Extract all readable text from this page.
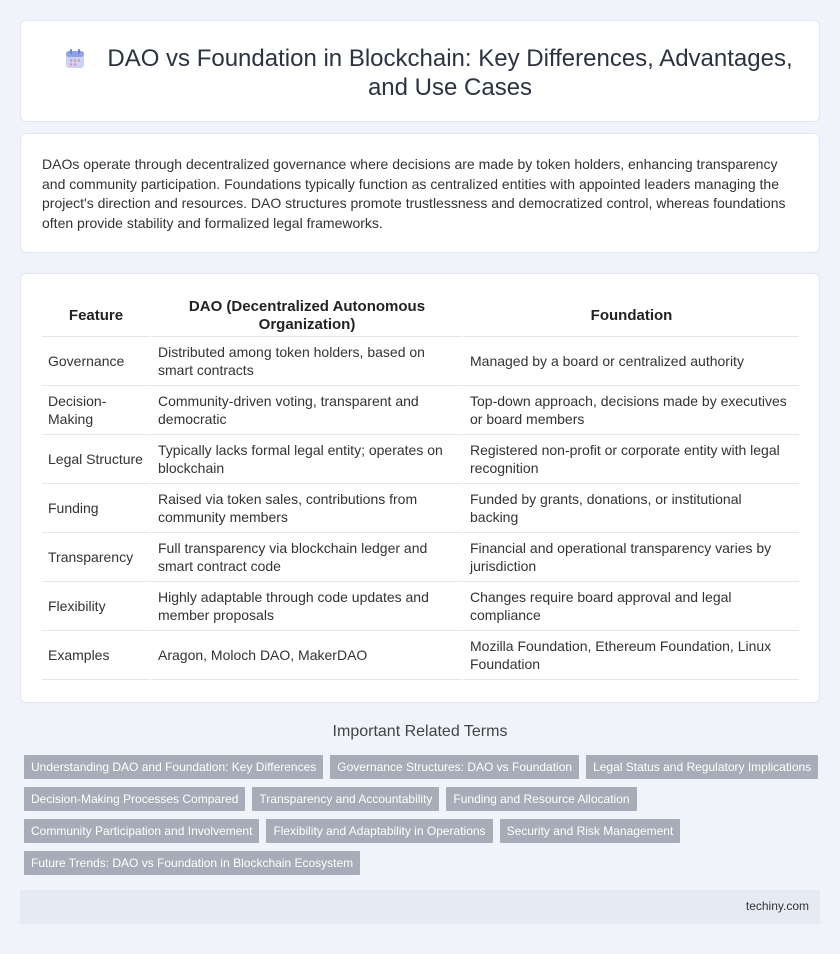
DAO vs Foundation in Blockchain: Key Differences, Advantages, and Use Cases

DAOs operate through decentralized governance where decisions are made by token holders, enhancing transparency and community participation. Foundations typically function as centralized entities with appointed leaders managing the project's direction and resources. DAO structures promote trustlessness and democratized control, whereas foundations often provide stability and formalized legal frameworks.

Feature	DAO (Decentralized Autonomous Organization)	Foundation
Governance	Distributed among token holders, based on smart contracts	Managed by a board or centralized authority
Decision-Making	Community-driven voting, transparent and democratic	Top-down approach, decisions made by executives or board members
Legal Structure	Typically lacks formal legal entity; operates on blockchain	Registered non-profit or corporate entity with legal recognition
Funding	Raised via token sales, contributions from community members	Funded by grants, donations, or institutional backing
Transparency	Full transparency via blockchain ledger and smart contract code	Financial and operational transparency varies by jurisdiction
Flexibility	Highly adaptable through code updates and member proposals	Changes require board approval and legal compliance
Examples	Aragon, Moloch DAO, MakerDAO	Mozilla Foundation, Ethereum Foundation, Linux Foundation
Important Related Terms
Understanding DAO and Foundation: Key Differences	Governance Structures: DAO vs Foundation	Legal Status and Regulatory Implications
Decision-Making Processes Compared	Transparency and Accountability	Funding and Resource Allocation
Community Participation and Involvement	Flexibility and Adaptability in Operations	Security and Risk Management
Future Trends: DAO vs Foundation in Blockchain Ecosystem
techiny.com
